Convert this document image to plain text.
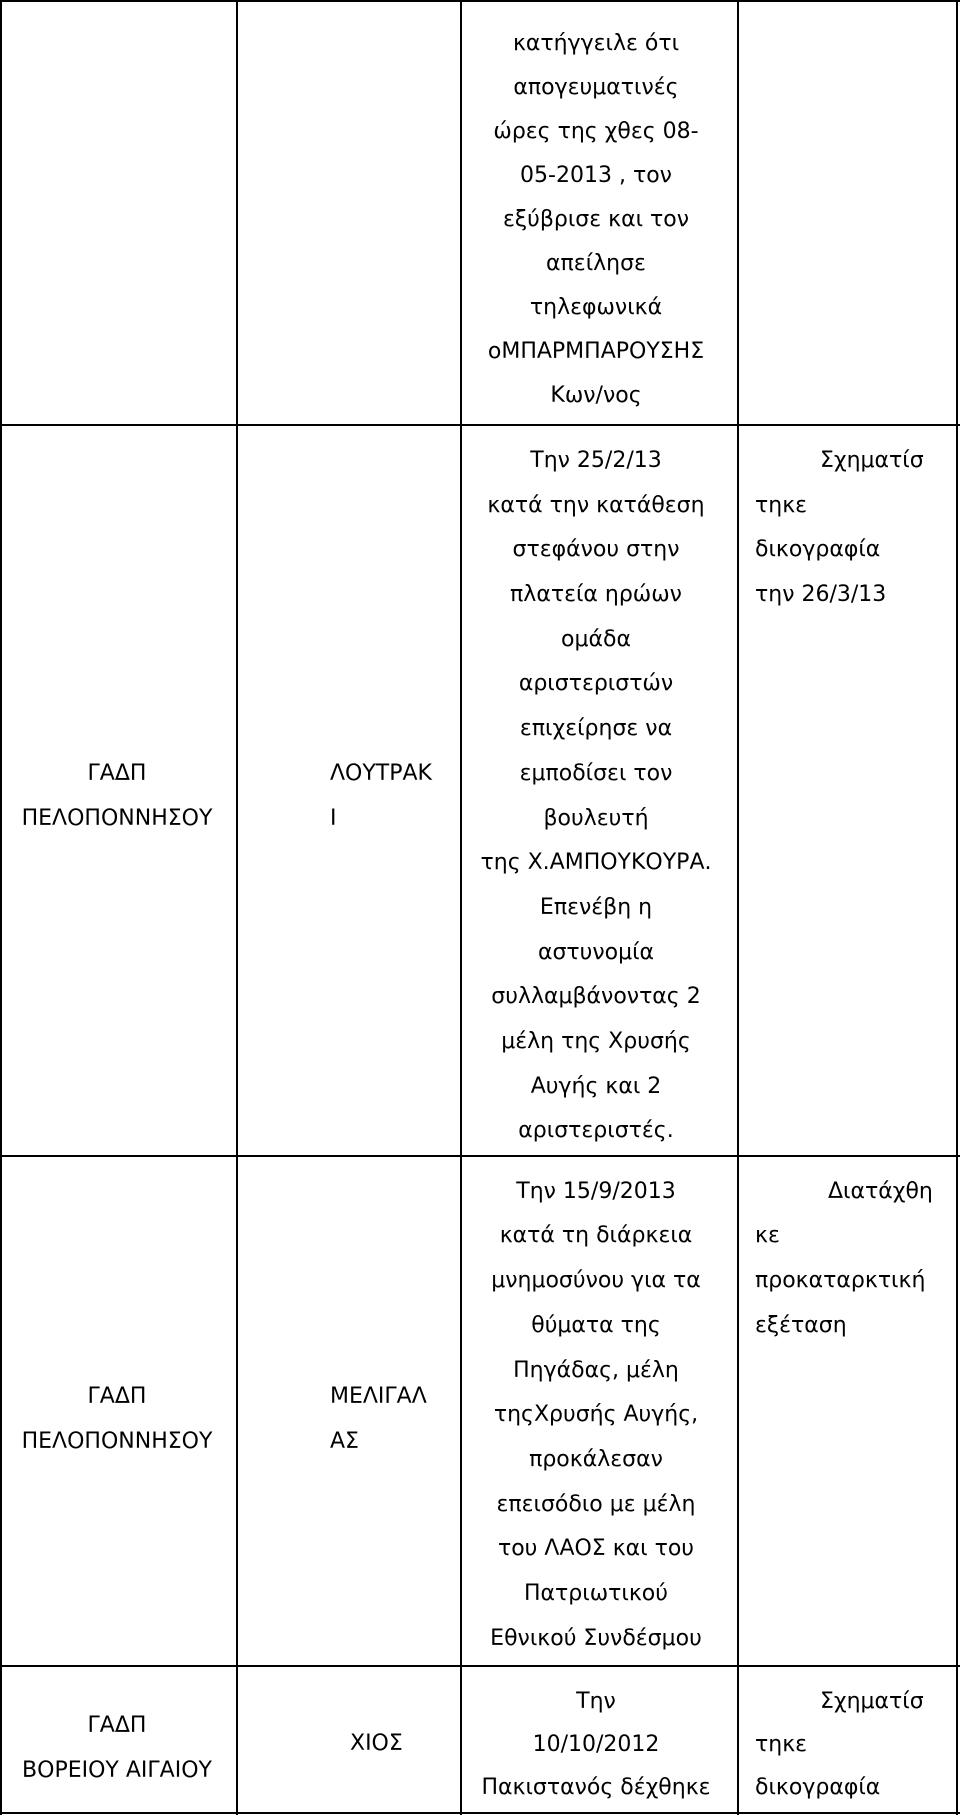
κατήγγειλε ότι
απογευματινές
ώρες της χθες 08-
05-2013 , τον
εξύβρισε και τον
απείλησε
τηλεφωνικά
οΜΠΑΡΜΠΑΡΟΥΣΗΣ
Κων/νος
ΓΑΔΠ
ΠΕΛΟΠΟΝΝΗΣΟΥ
ΛΟΥΤΡΑΚ
Ι
Την 25/2/13
κατά την κατάθεση
στεφάνου στην
πλατεία ηρώων
ομάδα
αριστεριστών
επιχείρησε να
εμποδίσει τον
βουλευτή
της Χ.ΑΜΠΟΥΚΟΥΡΑ.
Επενέβη η
αστυνομία
συλλαμβάνοντας 2
μέλη της Χρυσής
Αυγής και 2
αριστεριστές.
Σχηματίσ
τηκε
δικογραφία
την 26/3/13
ΓΑΔΠ
ΠΕΛΟΠΟΝΝΗΣΟΥ
ΜΕΛΙΓΑΛ
ΑΣ
Την 15/9/2013
κατά τη διάρκεια
μνημοσύνου για τα
θύματα της
Πηγάδας, μέλη
τηςΧρυσής Αυγής,
προκάλεσαν
επεισόδιο με μέλη
του ΛΑΟΣ και του
Πατριωτικού
Εθνικού Συνδέσμου
Διατάχθη
κε
προκαταρκτική
εξέταση
ΓΑΔΠ
ΒΟΡΕΙΟΥ ΑΙΓΑΙΟΥ
ΧΙΟΣ
Την
10/10/2012
Πακιστανός δέχθηκε
Σχηματίσ
τηκε
δικογραφία
